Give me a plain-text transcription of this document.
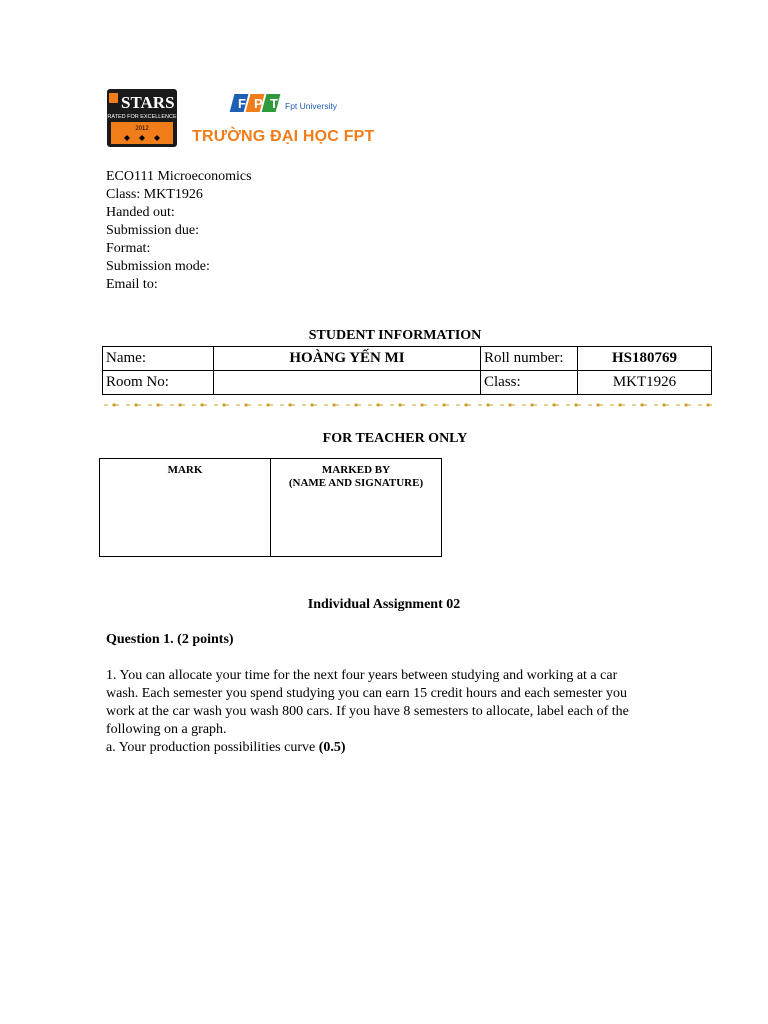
STARS
RATED FOR EXCELLENCE
2012
F P T Fpt University
TRƯỜNG ĐẠI HỌC FPT
ECO111 Microeconomics
Class: MKT1926
Handed out:
Submission due:
Format:
Submission mode:
Email to:
STUDENT INFORMATION
Name:	HOÀNG YẾN MI	Roll number:	HS180769
Room No:		Class:	MKT1926
FOR TEACHER ONLY
MARK	MARKED BY
(NAME AND SIGNATURE)
Individual Assignment 02
Question 1. (2 points)
1. You can allocate your time for the next four years between studying and working at a car
wash. Each semester you spend studying you can earn 15 credit hours and each semester you
work at the car wash you wash 800 cars. If you have 8 semesters to allocate, label each of the
following on a graph.
a. Your production possibilities curve (0.5)
